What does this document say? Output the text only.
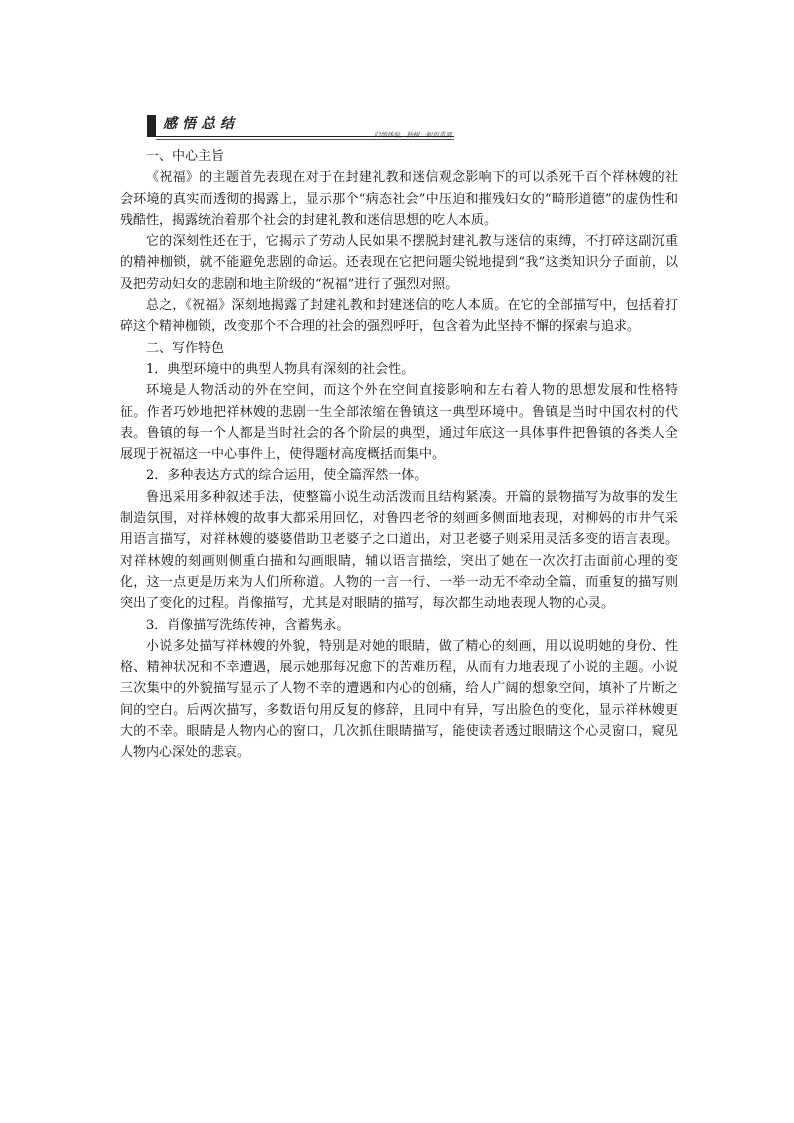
感悟总结
归纳体验，独树一帜很重要
一、中心主旨

《祝福》的主题首先表现在对于在封建礼教和迷信观念影响下的可以杀死千百个祥林嫂的社会环境的真实而透彻的揭露上，显示那个“病态社会”中压迫和摧残妇女的“畸形道德”的虚伪性和残酷性，揭露统治着那个社会的封建礼教和迷信思想的吃人本质。

它的深刻性还在于，它揭示了劳动人民如果不摆脱封建礼教与迷信的束缚，不打碎这副沉重的精神枷锁，就不能避免悲剧的命运。还表现在它把问题尖锐地提到“我”这类知识分子面前，以及把劳动妇女的悲剧和地主阶级的“祝福”进行了强烈对照。

总之，《祝福》深刻地揭露了封建礼教和封建迷信的吃人本质。在它的全部描写中，包括着打碎这个精神枷锁，改变那个不合理的社会的强烈呼吁，包含着为此坚持不懈的探索与追求。

二、写作特色
1．典型环境中的典型人物具有深刻的社会性。

环境是人物活动的外在空间，而这个外在空间直接影响和左右着人物的思想发展和性格特征。作者巧妙地把祥林嫂的悲剧一生全部浓缩在鲁镇这一典型环境中。鲁镇是当时中国农村的代表。鲁镇的每一个人都是当时社会的各个阶层的典型，通过年底这一具体事件把鲁镇的各类人全展现于祝福这一中心事件上，使得题材高度概括而集中。

2．多种表达方式的综合运用，使全篇浑然一体。

鲁迅采用多种叙述手法，使整篇小说生动活泼而且结构紧凑。开篇的景物描写为故事的发生制造氛围，对祥林嫂的故事大都采用回忆，对鲁四老爷的刻画多侧面地表现，对柳妈的市井气采用语言描写，对祥林嫂的婆婆借助卫老婆子之口道出，对卫老婆子则采用灵活多变的语言表现。对祥林嫂的刻画则侧重白描和勾画眼睛，辅以语言描绘，突出了她在一次次打击面前心理的变化，这一点更是历来为人们所称道。人物的一言一行、一举一动无不牵动全篇，而重复的描写则突出了变化的过程。肖像描写，尤其是对眼睛的描写，每次都生动地表现人物的心灵。

3．肖像描写洗练传神，含蓄隽永。

小说多处描写祥林嫂的外貌，特别是对她的眼睛，做了精心的刻画，用以说明她的身份、性格、精神状况和不幸遭遇，展示她那每况愈下的苦难历程，从而有力地表现了小说的主题。小说三次集中的外貌描写显示了人物不幸的遭遇和内心的创痛，给人广阔的想象空间，填补了片断之间的空白。后两次描写，多数语句用反复的修辞，且同中有异，写出脸色的变化，显示祥林嫂更大的不幸。眼睛是人物内心的窗口，几次抓住眼睛描写，能使读者透过眼睛这个心灵窗口，窥见人物内心深处的悲哀。
